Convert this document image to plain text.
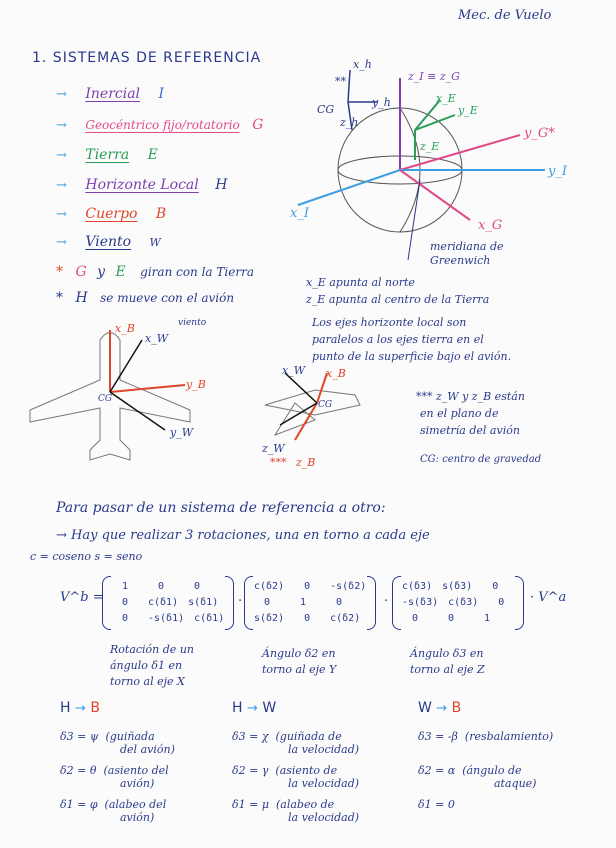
Mec. de Vuelo
1. SISTEMAS DE REFERENCIA
→ Inercial I
→ Geocéntrico fijo/rotatorio G
→ Tierra E
→ Horizonte Local H
→ Cuerpo B
→ Viento W
* G y E giran con la Tierra
* H se mueve con el avión
x_h
**	z_I ≡ z_G
x_E
y_E
z_E
y_G*
y_I
x_I
x_G
y_h
z_h
CG
meridiana de Greenwich
x_E apunta al norte
z_E apunta al centro de la Tierra
Los ejes horizonte local son
paralelos a los ejes tierra en el
punto de la superficie bajo el avión.
x_B
x_W
viento
y_B
CG
y_W
x_W x_B
CG
z_W
*** z_B
*** z_W y z_B están
en el plano de
simetría del avión
CG: centro de gravedad
Para pasar de un sistema de referencia a otro:
→ Hay que realizar 3 rotaciones, una en torno a cada eje
c = coseno s = seno
V^b =
1	0	0
0	c(δ1) s(δ1)
0	-s(δ1) c(δ1)
·
c(δ2)	0	-s(δ2)
0	1	0
s(δ2)	0	c(δ2)
·
c(δ3) s(δ3)	0
-s(δ3) c(δ3)	0
0	0	1
· V^a
Rotación de un
ángulo δ1 en
torno al eje X
Ángulo δ2 en
torno al eje Y
Ángulo δ3 en
torno al eje Z
H → B
δ3 = ψ (guiñada
del avión)
δ2 = θ (asiento del
avión)
δ1 = φ (alabeo del
avión)
H → W
δ3 = χ (guiñada de
la velocidad)
δ2 = γ (asiento de
la velocidad)
δ1 = μ (alabeo de
la velocidad)
W → B
δ3 = -β (resbalamiento)
δ2 = α (ángulo de
ataque)
δ1 = 0
